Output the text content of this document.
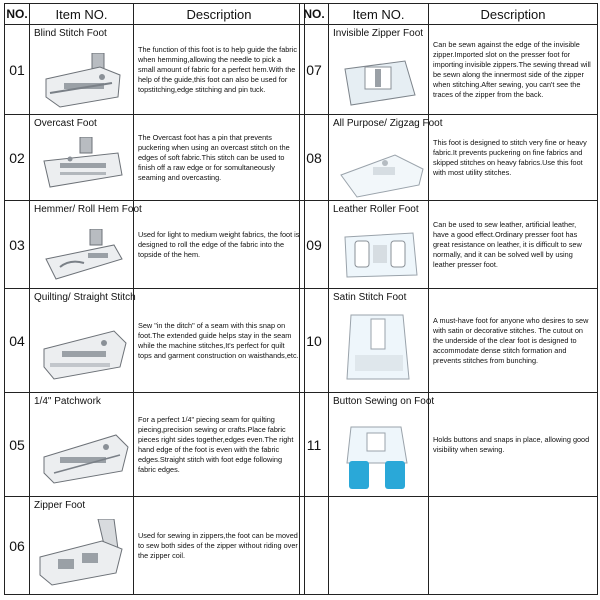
NO.	Item NO.	Description
01	Blind Stitch Foot	The function of this foot is to help guide the fabric when hemming,allowing the needle to pick a small amount of fabric for a perfect hem.With the help of the guide,this foot can also be used for topstitching,edge stitching and pin tuck.
02	Overcast Foot	The Overcast foot has a pin that prevents puckering when using an overcast stitch on the edges of soft fabric.This stitch can be used to finish off a raw edge or for somultaneously seaming and overcasting.
03	Hemmer/ Roll Hem Foot	Used for light to medium weight fabrics, the foot is designed to roll the edge of the fabric into the topside of the hem.
04	Quilting/ Straight Stitch	Sew "in the ditch" of a seam with this snap on foot.The extended guide helps stay in the seam while the machine stitches,It's perfect for quilt tops and garment construction on waisthands,etc.
05	1/4" Patchwork	For a perfect 1/4" piecing seam for quilting piecing,precision sewing or crafts.Place fabric pieces right sides together,edges even.The right hand edge of the foot is even with the fabric edges.Straight stitch with foot edge following fabric edges.
06	Zipper Foot	Used for sewing in zippers,the foot can be moved to sew both sides of the zipper without riding over the zipper coil.
NO.	Item NO.	Description
07	Invisible Zipper Foot	Can be sewn against the edge of the invisible zipper.Imported slot on the presser foot for importing invisible zippers.The sewing thread will be sewn along the innermost side of the zipper when stitching.After sewing, you can't see the traces of the zipper from the back.
08	All Purpose/ Zigzag Foot	This foot is designed to stitch very fine or heavy fabric.It prevents puckering on fine fabrics and skipped stitches on heavy fabrics.Use this foot with most utility stitches.
09	Leather Roller Foot	Can be used to sew leather, artificial leather, have a good effect.Ordinary presser foot has great resistance on leather, it is difficult to sew normally, and it can be solved well by using leather presser foot.
10	Satin Stitch Foot	A must-have foot for anyone who desires to sew with satin or decorative stitches. The cutout on the underside of the clear foot is designed to accommodate dense stitch formation and prevents stitches from bunching.
11	Button Sewing on Foot	Holds buttons and snaps in place, allowing good visibility when sewing.
